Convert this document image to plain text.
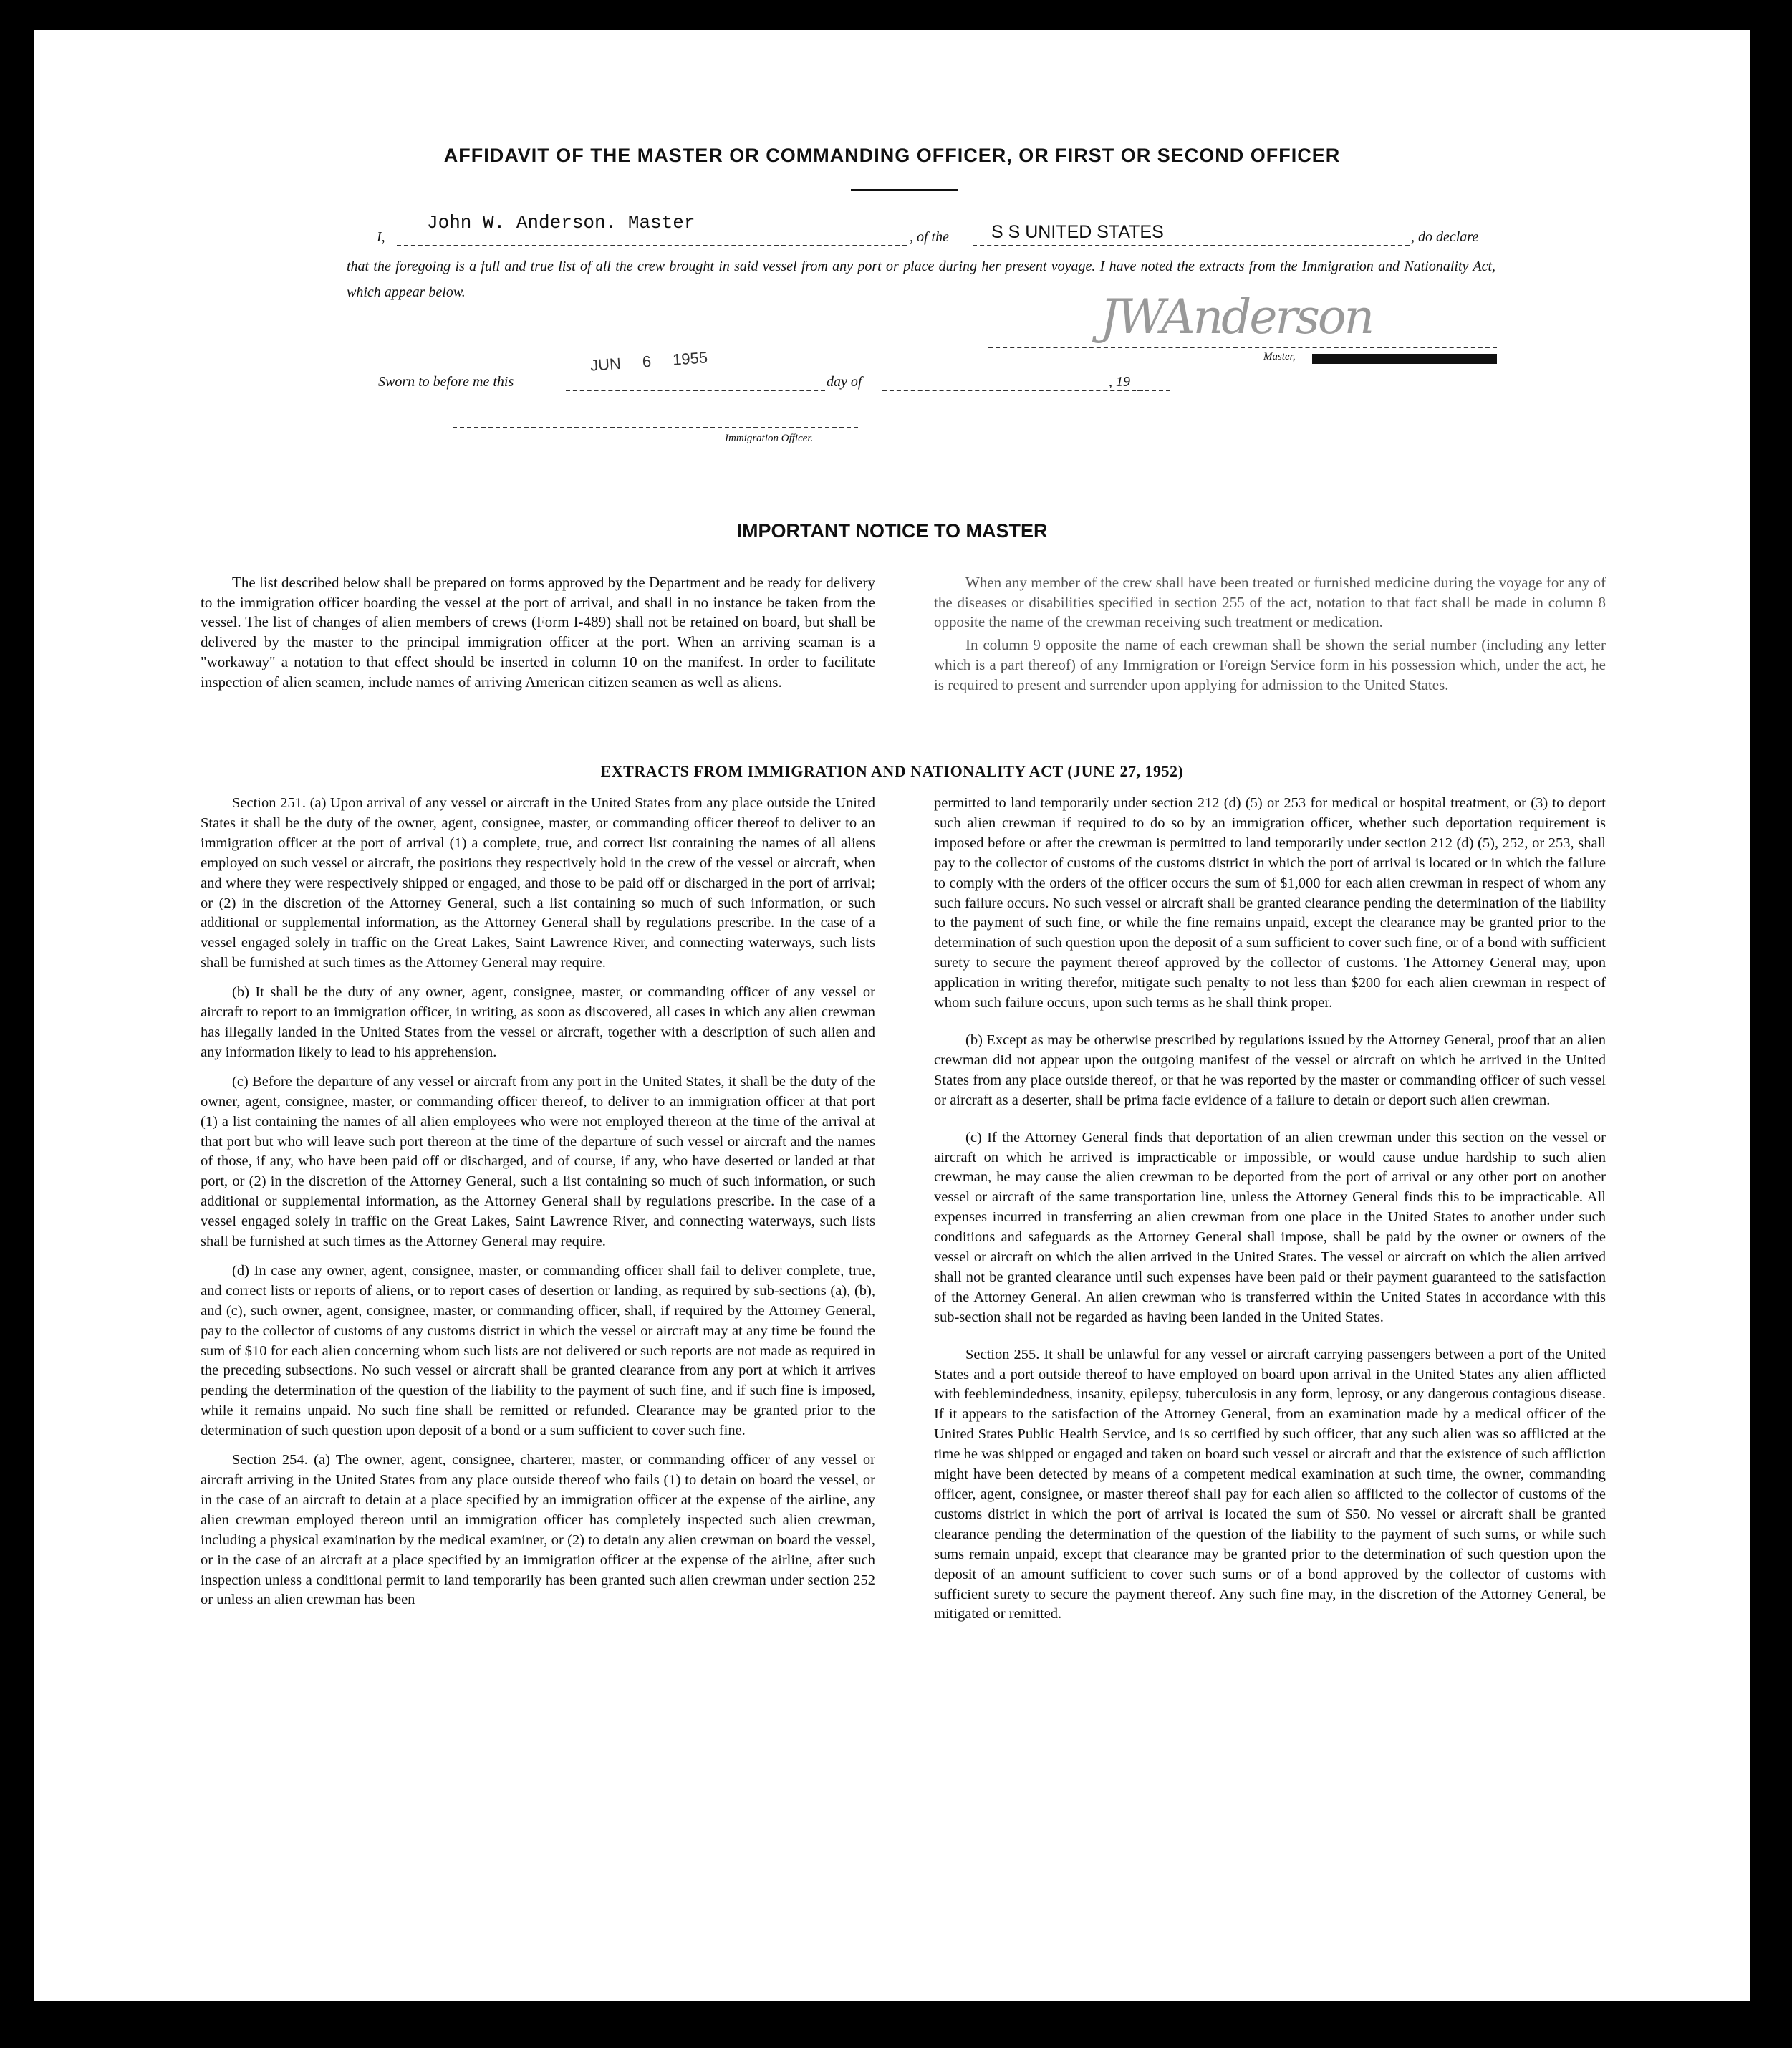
AFFIDAVIT OF THE MASTER OR COMMANDING OFFICER, OR FIRST OR SECOND OFFICER
I,
John W. Anderson. Master
, of the S S UNITED STATES	, do declare
that the foregoing is a full and true list of all the crew brought in said vessel from any port or place during her present voyage. I have noted the extracts from the Immigration and Nationality Act, which appear below.	JWAnderson
Master,
Sworn to before me this
JUN 6 1955
day of	, 19
Immigration Officer.
IMPORTANT NOTICE TO MASTER

The list described below shall be prepared on forms approved by the Department and be ready for delivery to the immigration officer boarding the vessel at the port of arrival, and shall in no instance be taken from the vessel. The list of changes of alien members of crews (Form I-489) shall not be retained on board, but shall be delivered by the master to the principal immigration officer at the port. When an arriving seaman is a "workaway" a notation to that effect should be inserted in column 10 on the manifest. In order to facilitate inspection of alien seamen, include names of arriving American citizen seamen as well as aliens.

When any member of the crew shall have been treated or furnished medicine during the voyage for any of the diseases or disabilities specified in section 255 of the act, notation to that fact shall be made in column 8 opposite the name of the crewman receiving such treatment or medication.

In column 9 opposite the name of each crewman shall be shown the serial number (including any letter which is a part thereof) of any Immigration or Foreign Service form in his possession which, under the act, he is required to present and surrender upon applying for admission to the United States.

EXTRACTS FROM IMMIGRATION AND NATIONALITY ACT (JUNE 27, 1952)

Section 251. (a) Upon arrival of any vessel or aircraft in the United States from any place outside the United States it shall be the duty of the owner, agent, consignee, master, or commanding officer thereof to deliver to an immigration officer at the port of arrival (1) a complete, true, and correct list containing the names of all aliens employed on such vessel or aircraft, the positions they respectively hold in the crew of the vessel or aircraft, when and where they were respectively shipped or engaged, and those to be paid off or discharged in the port of arrival; or (2) in the discretion of the Attorney General, such a list containing so much of such information, or such additional or supplemental information, as the Attorney General shall by regulations prescribe. In the case of a vessel engaged solely in traffic on the Great Lakes, Saint Lawrence River, and connecting waterways, such lists shall be furnished at such times as the Attorney General may require.

(b) It shall be the duty of any owner, agent, consignee, master, or commanding officer of any vessel or aircraft to report to an immigration officer, in writing, as soon as discovered, all cases in which any alien crewman has illegally landed in the United States from the vessel or aircraft, together with a description of such alien and any information likely to lead to his apprehension.

(c) Before the departure of any vessel or aircraft from any port in the United States, it shall be the duty of the owner, agent, consignee, master, or commanding officer thereof, to deliver to an immigration officer at that port (1) a list containing the names of all alien employees who were not employed thereon at the time of the arrival at that port but who will leave such port thereon at the time of the departure of such vessel or aircraft and the names of those, if any, who have been paid off or discharged, and of course, if any, who have deserted or landed at that port, or (2) in the discretion of the Attorney General, such a list containing so much of such information, or such additional or supplemental information, as the Attorney General shall by regulations prescribe. In the case of a vessel engaged solely in traffic on the Great Lakes, Saint Lawrence River, and connecting waterways, such lists shall be furnished at such times as the Attorney General may require.

(d) In case any owner, agent, consignee, master, or commanding officer shall fail to deliver complete, true, and correct lists or reports of aliens, or to report cases of desertion or landing, as required by sub-sections (a), (b), and (c), such owner, agent, consignee, master, or commanding officer, shall, if required by the Attorney General, pay to the collector of customs of any customs district in which the vessel or aircraft may at any time be found the sum of $10 for each alien concerning whom such lists are not delivered or such reports are not made as required in the preceding subsections. No such vessel or aircraft shall be granted clearance from any port at which it arrives pending the determination of the question of the liability to the payment of such fine, and if such fine is imposed, while it remains unpaid. No such fine shall be remitted or refunded. Clearance may be granted prior to the determination of such question upon deposit of a bond or a sum sufficient to cover such fine.

Section 254. (a) The owner, agent, consignee, charterer, master, or commanding officer of any vessel or aircraft arriving in the United States from any place outside thereof who fails (1) to detain on board the vessel, or in the case of an aircraft to detain at a place specified by an immigration officer at the expense of the airline, any alien crewman employed thereon until an immigration officer has completely inspected such alien crewman, including a physical examination by the medical examiner, or (2) to detain any alien crewman on board the vessel, or in the case of an aircraft at a place specified by an immigration officer at the expense of the airline, after such inspection unless a conditional permit to land temporarily has been granted such alien crewman under section 252 or unless an alien crewman has been

permitted to land temporarily under section 212 (d) (5) or 253 for medical or hospital treatment, or (3) to deport such alien crewman if required to do so by an immigration officer, whether such deportation requirement is imposed before or after the crewman is permitted to land temporarily under section 212 (d) (5), 252, or 253, shall pay to the collector of customs of the customs district in which the port of arrival is located or in which the failure to comply with the orders of the officer occurs the sum of $1,000 for each alien crewman in respect of whom any such failure occurs. No such vessel or aircraft shall be granted clearance pending the determination of the liability to the payment of such fine, or while the fine remains unpaid, except the clearance may be granted prior to the determination of such question upon the deposit of a sum sufficient to cover such fine, or of a bond with sufficient surety to secure the payment thereof approved by the collector of customs. The Attorney General may, upon application in writing therefor, mitigate such penalty to not less than $200 for each alien crewman in respect of whom such failure occurs, upon such terms as he shall think proper.

(b) Except as may be otherwise prescribed by regulations issued by the Attorney General, proof that an alien crewman did not appear upon the outgoing manifest of the vessel or aircraft on which he arrived in the United States from any place outside thereof, or that he was reported by the master or commanding officer of such vessel or aircraft as a deserter, shall be prima facie evidence of a failure to detain or deport such alien crewman.

(c) If the Attorney General finds that deportation of an alien crewman under this section on the vessel or aircraft on which he arrived is impracticable or impossible, or would cause undue hardship to such alien crewman, he may cause the alien crewman to be deported from the port of arrival or any other port on another vessel or aircraft of the same transportation line, unless the Attorney General finds this to be impracticable. All expenses incurred in transferring an alien crewman from one place in the United States to another under such conditions and safeguards as the Attorney General shall impose, shall be paid by the owner or owners of the vessel or aircraft on which the alien arrived in the United States. The vessel or aircraft on which the alien arrived shall not be granted clearance until such expenses have been paid or their payment guaranteed to the satisfaction of the Attorney General. An alien crewman who is transferred within the United States in accordance with this sub-section shall not be regarded as having been landed in the United States.

Section 255. It shall be unlawful for any vessel or aircraft carrying passengers between a port of the United States and a port outside thereof to have employed on board upon arrival in the United States any alien afflicted with feeblemindedness, insanity, epilepsy, tuberculosis in any form, leprosy, or any dangerous contagious disease. If it appears to the satisfaction of the Attorney General, from an examination made by a medical officer of the United States Public Health Service, and is so certified by such officer, that any such alien was so afflicted at the time he was shipped or engaged and taken on board such vessel or aircraft and that the existence of such affliction might have been detected by means of a competent medical examination at such time, the owner, commanding officer, agent, consignee, or master thereof shall pay for each alien so afflicted to the collector of customs of the customs district in which the port of arrival is located the sum of $50. No vessel or aircraft shall be granted clearance pending the determination of the question of the liability to the payment of such sums, or while such sums remain unpaid, except that clearance may be granted prior to the determination of such question upon the deposit of an amount sufficient to cover such sums or of a bond approved by the collector of customs with sufficient surety to secure the payment thereof. Any such fine may, in the discretion of the Attorney General, be mitigated or remitted.
